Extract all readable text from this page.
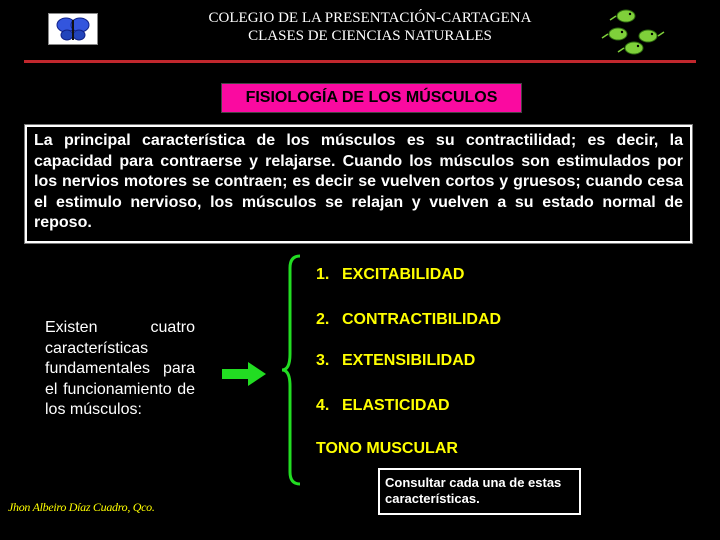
COLEGIO DE LA PRESENTACIÓN-CARTAGENA
CLASES DE CIENCIAS NATURALES
FISIOLOGÍA DE LOS MÚSCULOS
La principal característica de los músculos es su contractilidad; es decir, la capacidad para contraerse y relajarse. Cuando los músculos son estimulados por los nervios motores se contraen; es decir se vuelven cortos y gruesos; cuando cesa el estimulo nervioso, los músculos se relajan y vuelven a su estado normal de reposo.
Existen cuatro características fundamentales para el funcionamiento de los músculos:
1. EXCITABILIDAD
2. CONTRACTIBILIDAD
3. EXTENSIBILIDAD
4. ELASTICIDAD
TONO MUSCULAR
Consultar cada una de estas características.
Jhon Albeiro Díaz Cuadro, Qco.
